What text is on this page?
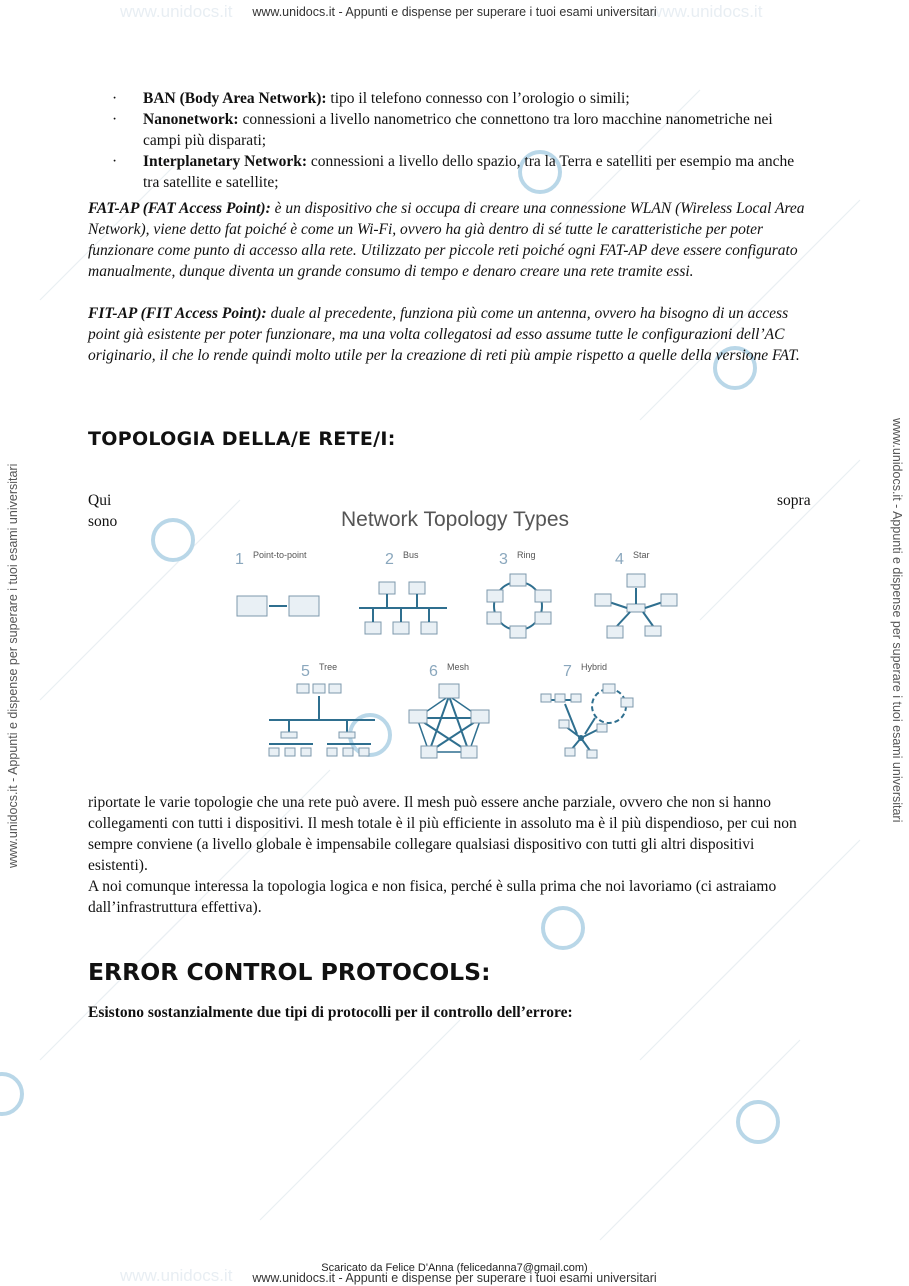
www.unidocs.it	www.unidocs.it
www.unidocs.it
www.unidocs.it - Appunti e dispense per superare i tuoi esami universitari
www.unidocs.it - Appunti e dispense per superare i tuoi esami universitari	www.unidocs.it - Appunti e dispense per superare i tuoi esami universitari
· BAN (Body Area Network): tipo il telefono connesso con l’orologio o simili;
· Nanonetwork: connessioni a livello nanometrico che connettono tra loro macchine nanometriche nei campi più disparati;
· Interplanetary Network: connessioni a livello dello spazio, tra la Terra e satelliti per esempio ma anche tra satellite e satellite;

FAT-AP (FAT Access Point): è un dispositivo che si occupa di creare una connessione WLAN (Wireless Local Area Network), viene detto fat poiché è come un Wi-Fi, ovvero ha già dentro di sé tutte le caratteristiche per poter funzionare come punto di accesso alla rete. Utilizzato per piccole reti poiché ogni FAT-AP deve essere configurato manualmente, dunque diventa un grande consumo di tempo e denaro creare una rete tramite essi.

FIT-AP (FIT Access Point): duale al precedente, funziona più come un antenna, ovvero ha bisogno di un access point già esistente per poter funzionare, ma una volta collegatosi ad esso assume tutte le configurazioni dell’AC originario, il che lo rende quindi molto utile per la creazione di reti più ampie rispetto a quelle della versione FAT.

TOPOLOGIA DELLA/E RETE/I:
Qui
sono
sopra
Network Topology Types
1 Point-to-point	2 Bus	3 Ring	4 Star
5 Tree	6 Mesh	7 Hybrid

riportate le varie topologie che una rete può avere. Il mesh può essere anche parziale, ovvero che non si hanno collegamenti con tutti i dispositivi. Il mesh totale è il più efficiente in assoluto ma è il più dispendioso, per cui non sempre conviene (a livello globale è impensabile collegare qualsiasi dispositivo con tutti gli altri dispositivi esistenti).

A noi comunque interessa la topologia logica e non fisica, perché è sulla prima che noi lavoriamo (ci astraiamo dall’infrastruttura effettiva).

ERROR CONTROL PROTOCOLS:
Esistono sostanzialmente due tipi di protocolli per il controllo dell’errore:
Scaricato da Felice D'Anna (felicedanna7@gmail.com)
www.unidocs.it - Appunti e dispense per superare i tuoi esami universitari
